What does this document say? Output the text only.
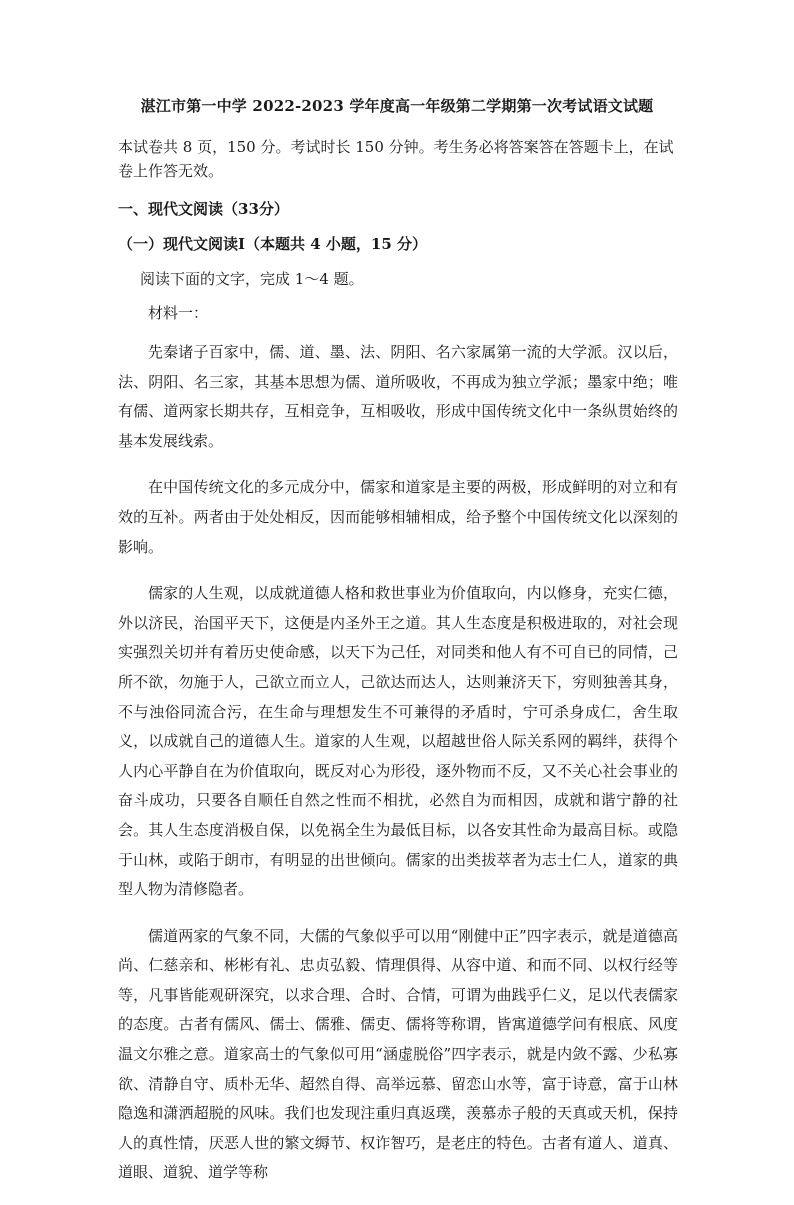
湛江市第一中学 2022-2023 学年度高一年级第二学期第一次考试语文试题
本试卷共 8 页，150 分。考试时长 150 分钟。考生务必将答案答在答题卡上，在试卷上作答无效。
一、现代文阅读（33分）
（一）现代文阅读Ⅰ（本题共 4 小题，15 分）
阅读下面的文字，完成 1～4 题。
材料一：

先秦诸子百家中，儒、道、墨、法、阴阳、名六家属第一流的大学派。汉以后，法、阴阳、名三家，其基本思想为儒、道所吸收，不再成为独立学派；墨家中绝；唯有儒、道两家长期共存，互相竞争，互相吸收，形成中国传统文化中一条纵贯始终的基本发展线索。

在中国传统文化的多元成分中，儒家和道家是主要的两极，形成鲜明的对立和有效的互补。两者由于处处相反，因而能够相辅相成，给予整个中国传统文化以深刻的影响。

儒家的人生观，以成就道德人格和救世事业为价值取向，内以修身，充实仁德，外以济民，治国平天下，这便是内圣外王之道。其人生态度是积极进取的，对社会现实强烈关切并有着历史使命感，以天下为己任，对同类和他人有不可自已的同情，己所不欲，勿施于人，己欲立而立人，己欲达而达人，达则兼济天下，穷则独善其身，不与浊俗同流合污，在生命与理想发生不可兼得的矛盾时，宁可杀身成仁，舍生取义，以成就自己的道德人生。道家的人生观，以超越世俗人际关系网的羁绊，获得个人内心平静自在为价值取向，既反对心为形役，逐外物而不反，又不关心社会事业的奋斗成功，只要各自顺任自然之性而不相扰，必然自为而相因，成就和谐宁静的社会。其人生态度消极自保，以免祸全生为最低目标，以各安其性命为最高目标。或隐于山林，或陷于朗市，有明显的出世倾向。儒家的出类拔萃者为志士仁人，道家的典型人物为清修隐者。

儒道两家的气象不同，大儒的气象似乎可以用“刚健中正”四字表示，就是道德高尚、仁慈亲和、彬彬有礼、忠贞弘毅、情理俱得、从容中道、和而不同、以权行经等等，凡事皆能观研深究，以求合理、合时、合情，可谓为曲践乎仁义，足以代表儒家的态度。古者有儒风、儒士、儒雅、儒吏、儒将等称谓，皆寓道德学问有根底、风度温文尔雅之意。道家高士的气象似可用“涵虚脱俗”四字表示，就是内敛不露、少私寡欲、清静自守、质朴无华、超然自得、高举远慕、留恋山水等，富于诗意，富于山林隐逸和潇洒超脱的风味。我们也发现注重归真返璞，羡慕赤子般的天真或天机，保持人的真性情，厌恶人世的繁文缛节、权诈智巧，是老庄的特色。古者有道人、道真、道眼、道貌、道学等称
